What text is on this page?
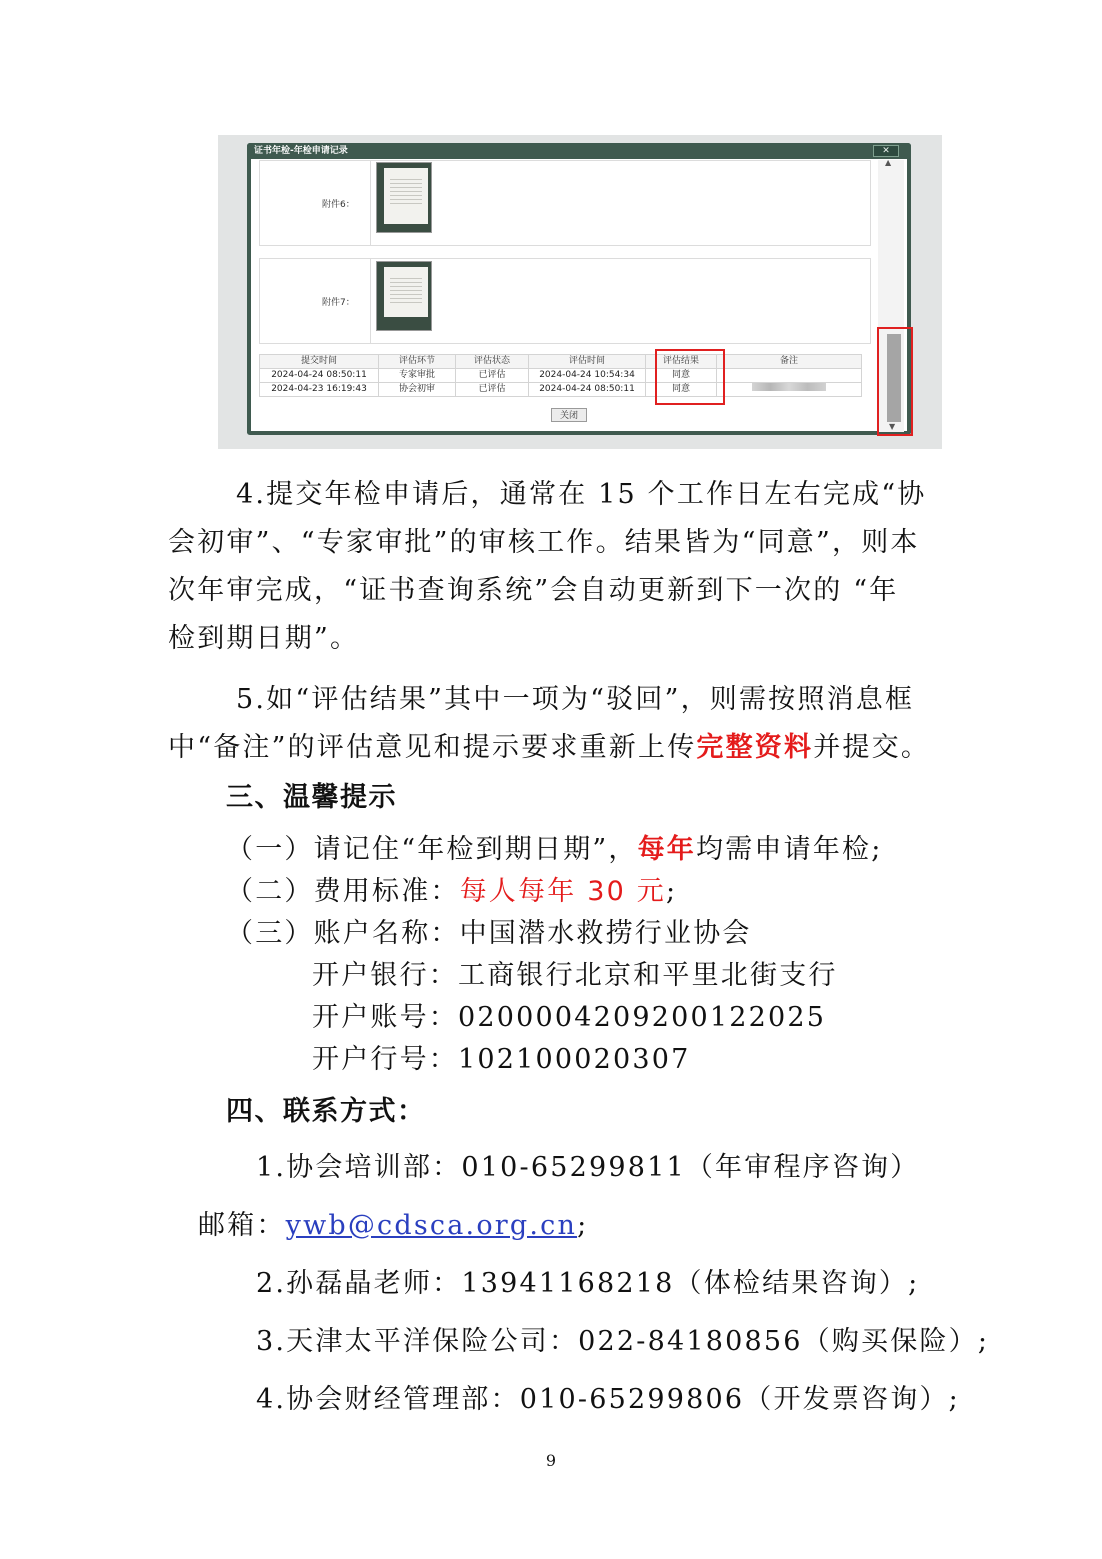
证书年检-年检申请记录	✕
附件6：
附件7：
提交时间	评估环节	评估状态	评估时间	评估结果	备注
2024-04-24 08:50:11	专家审批	已评估	2024-04-24 10:54:34	同意	
2024-04-23 16:19:43	协会初审	已评估	2024-04-24 08:50:11	同意	
关闭
▲
▼
4.提交年检申请后，通常在 15 个工作日左右完成“协
会初审”、“专家审批”的审核工作。结果皆为“同意”，则本
次年审完成，“证书查询系统”会自动更新到下一次的 “年
检到期日期”。
5.如“评估结果”其中一项为“驳回”，则需按照消息框
中“备注”的评估意见和提示要求重新上传完整资料并提交。
三、温馨提示
（一）请记住“年检到期日期”，每年均需申请年检;
（二）费用标准：每人每年 30 元;
（三）账户名称：中国潜水救捞行业协会
开户银行：工商银行北京和平里北街支行
开户账号：0200004209200122025
开户行号：102100020307
四、联系方式：
1.协会培训部：010-65299811（年审程序咨询）
邮箱：ywb@cdsca.org.cn;
2.孙磊晶老师：13941168218（体检结果咨询）;
3.天津太平洋保险公司：022-84180856（购买保险）;
4.协会财经管理部：010-65299806（开发票咨询）;
9
